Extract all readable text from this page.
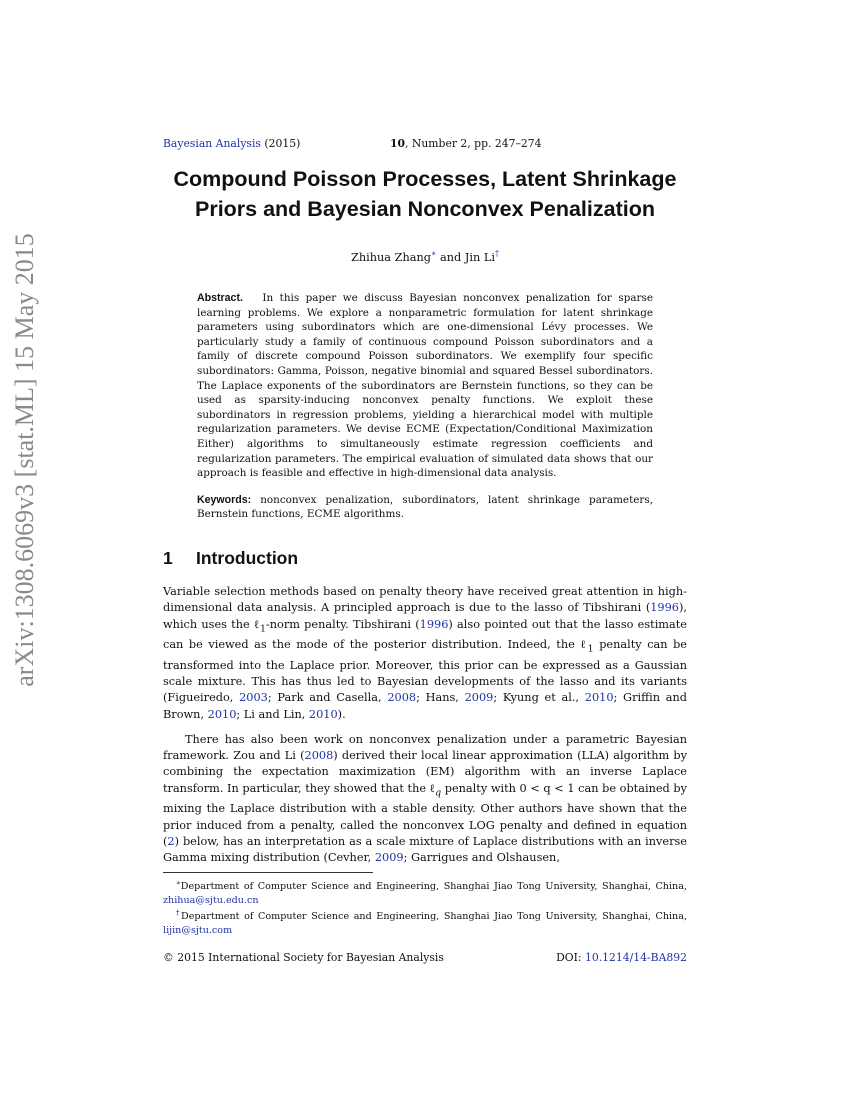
arXiv:1308.6069v3 [stat.ML] 15 May 2015
Bayesian Analysis (2015)	10, Number 2, pp. 247–274
Compound Poisson Processes, Latent Shrinkage
Priors and Bayesian Nonconvex Penalization
Zhihua Zhang∗ and Jin Li†

Abstract. In this paper we discuss Bayesian nonconvex penalization for sparse learning problems. We explore a nonparametric formulation for latent shrinkage parameters using subordinators which are one-dimensional Lévy processes. We particularly study a family of continuous compound Poisson subordinators and a family of discrete compound Poisson subordinators. We exemplify four specific subordinators: Gamma, Poisson, negative binomial and squared Bessel subordinators. The Laplace exponents of the subordinators are Bernstein functions, so they can be used as sparsity-inducing nonconvex penalty functions. We exploit these subordinators in regression problems, yielding a hierarchical model with multiple regularization parameters. We devise ECME (Expectation/Conditional Maximization Either) algorithms to simultaneously estimate regression coefficients and regularization parameters. The empirical evaluation of simulated data shows that our approach is feasible and effective in high-dimensional data analysis.

Keywords: nonconvex penalization, subordinators, latent shrinkage parameters, Bernstein functions, ECME algorithms.

1 Introduction

Variable selection methods based on penalty theory have received great attention in high-dimensional data analysis. A principled approach is due to the lasso of Tibshirani (1996), which uses the ℓ$_1$-norm penalty. Tibshirani (1996) also pointed out that the lasso estimate can be viewed as the mode of the posterior distribution. Indeed, the ℓ$_1$ penalty can be transformed into the Laplace prior. Moreover, this prior can be expressed as a Gaussian scale mixture. This has thus led to Bayesian developments of the lasso and its variants (Figueiredo, 2003; Park and Casella, 2008; Hans, 2009; Kyung et al., 2010; Griffin and Brown, 2010; Li and Lin, 2010).

There has also been work on nonconvex penalization under a parametric Bayesian framework. Zou and Li (2008) derived their local linear approximation (LLA) algorithm by combining the expectation maximization (EM) algorithm with an inverse Laplace transform. In particular, they showed that the ℓ$_q$ penalty with 0 < q < 1 can be obtained by mixing the Laplace distribution with a stable density. Other authors have shown that the prior induced from a penalty, called the nonconvex LOG penalty and defined in equation (2) below, has an interpretation as a scale mixture of Laplace distributions with an inverse Gamma mixing distribution (Cevher, 2009; Garrigues and Olshausen,

∗Department of Computer Science and Engineering, Shanghai Jiao Tong University, Shanghai, China, zhihua@sjtu.edu.cn

†Department of Computer Science and Engineering, Shanghai Jiao Tong University, Shanghai, China, lijin@sjtu.com

© 2015 International Society for Bayesian Analysis	DOI: 10.1214/14-BA892
